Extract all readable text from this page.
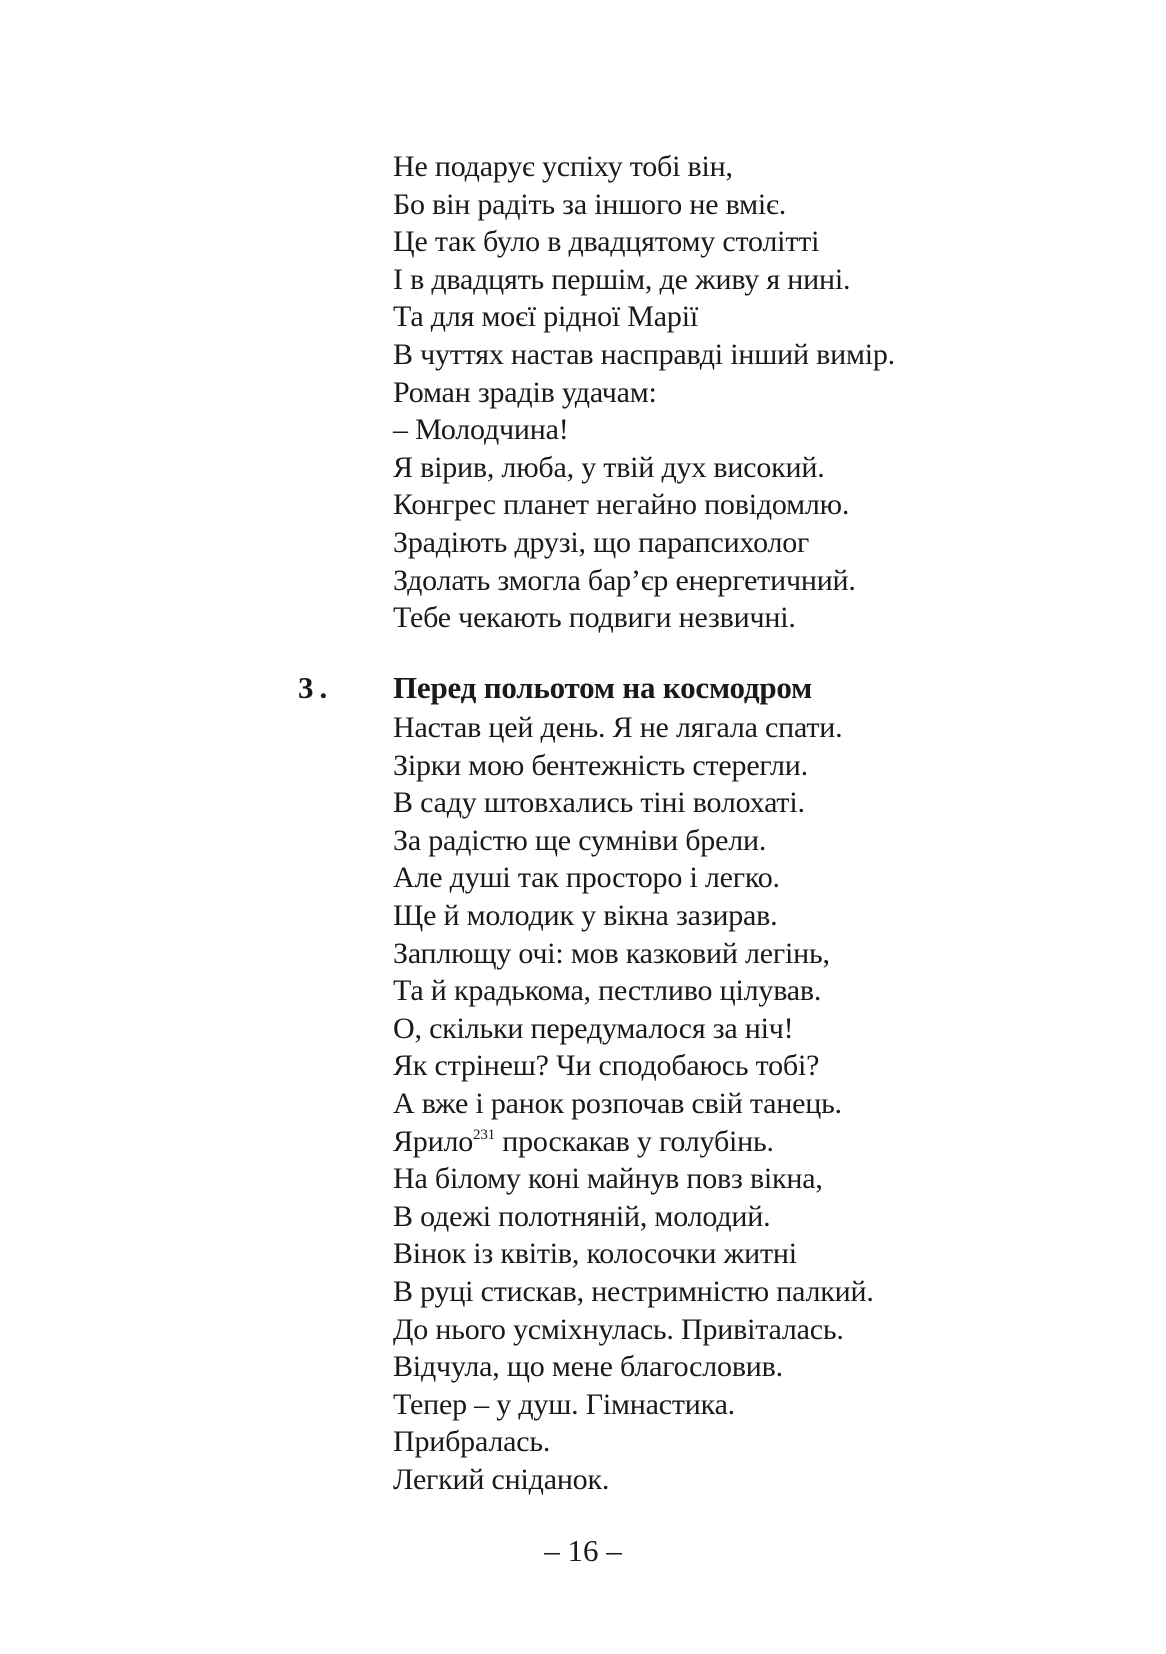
Не подарує успіху тобі він,
Бо він радіть за іншого не вміє.
Це так було в двадцятому столітті
І в двадцять першім, де живу я нині.
Та для моєї рідної Марії
В чуттях настав насправді інший вимір.
Роман зрадів удачам:
– Молодчина!
Я вірив, люба, у твій дух високий.
Конгрес планет негайно повідомлю.
Зрадіють друзі, що парапсихолог
Здолать змогла бар’єр енергетичний.
Тебе чекають подвиги незвичні.
3. Перед польотом на космодром
Настав цей день. Я не лягала спати.
Зірки мою бентежність стерегли.
В саду штовхались тіні волохаті.
За радістю ще сумніви брели.
Але душі так просторо і легко.
Ще й молодик у вікна зазирав.
Заплющу очі: мов казковий легінь,
Та й крадькома, пестливо цілував.
О, скільки передумалося за ніч!
Як стрінеш? Чи сподобаюсь тобі?
А вже і ранок розпочав свій танець.
Ярило$^{231}$ проскакав у голубінь.
На білому коні майнув повз вікна,
В одежі полотняній, молодий.
Вінок із квітів, колосочки житні
В руці стискав, нестримністю палкий.
До нього усміхнулась. Привіталась.
Відчула, що мене благословив.
Тепер – у душ. Гімнастика.
Прибралась.
Легкий сніданок.
– 16 –
